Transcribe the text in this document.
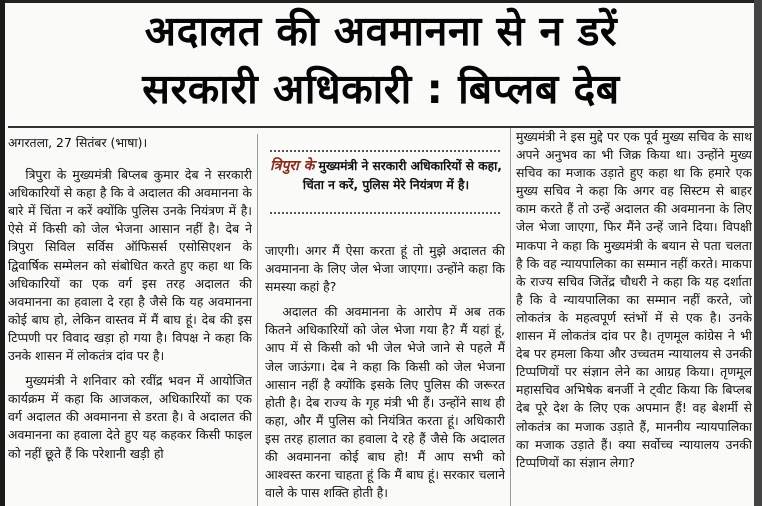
अदालत की अवमानना से न डरें
सरकारी अधिकारी : बिप्लब देब

अगरतला, 27 सितंबर (भाषा)।

त्रिपुरा के मुख्यमंत्री बिप्लब कुमार देब ने सरकारी अधिकारियों से कहा है कि वे अदालत की अवमानना के बारे में चिंता न करें क्योंकि पुलिस उनके नियंत्रण में है। ऐसे में किसी को जेल भेजना आसान नहीं है। देब ने त्रिपुरा सिविल सर्विस ऑफिसर्स एसोसिएशन के द्विवार्षिक सम्मेलन को संबोधित करते हुए कहा था कि अधिकारियों का एक वर्ग इस तरह अदालत की अवमानना का हवाला दे रहा है जैसे कि यह अवमानना कोई बाघ हो, लेकिन वास्तव में मैं बाघ हूं। देब की इस टिप्पणी पर विवाद खड़ा हो गया है। विपक्ष ने कहा कि उनके शासन में लोकतंत्र दांव पर है।

मुख्यमंत्री ने शनिवार को रवींद्र भवन में आयोजित कार्यक्रम में कहा कि आजकल, अधिकारियों का एक वर्ग अदालत की अवमानना से डरता है। वे अदालत की अवमानना का हवाला देते हुए यह कहकर किसी फाइल को नहीं छूते हैं कि परेशानी खड़ी हो

त्रिपुरा के मुख्यमंत्री ने सरकारी अधिकारियों से कहा, चिंता न करें, पुलिस मेरे नियंत्रण में है।

जाएगी। अगर मैं ऐसा करता हूं तो मुझे अदालत की अवमानना के लिए जेल भेजा जाएगा। उन्होंने कहा कि समस्या कहां है?

अदालत की अवमानना के आरोप में अब तक कितने अधिकारियों को जेल भेजा गया है? मैं यहां हूं, आप में से किसी को भी जेल भेजे जाने से पहले मैं जेल जाऊंगा। देब ने कहा कि किसी को जेल भेजना आसान नहीं है क्योंकि इसके लिए पुलिस की जरूरत होती है। देब राज्य के गृह मंत्री भी हैं। उन्होंने साथ ही कहा, और मैं पुलिस को नियंत्रित करता हूं। अधिकारी इस तरह हालात का हवाला दे रहे हैं जैसे कि अदालत की अवमानना कोई बाघ हो! मैं आप सभी को आश्वस्त करना चाहता हूं कि मैं बाघ हूं। सरकार चलाने वाले के पास शक्ति होती है।

मुख्यमंत्री ने इस मुद्दे पर एक पूर्व मुख्य सचिव के साथ अपने अनुभव का भी जिक्र किया था। उन्होंने मुख्य सचिव का मजाक उड़ाते हुए कहा था कि हमारे एक मुख्य सचिव ने कहा कि अगर वह सिस्टम से बाहर काम करते हैं तो उन्हें अदालत की अवमानना के लिए जेल भेजा जाएगा, फिर मैंने उन्हें जाने दिया। विपक्षी माकपा ने कहा कि मुख्यमंत्री के बयान से पता चलता है कि वह न्यायपालिका का सम्मान नहीं करते। माकपा के राज्य सचिव जितेंद्र चौधरी ने कहा कि यह दर्शाता है कि वे न्यायपालिका का सम्मान नहीं करते, जो लोकतंत्र के महत्वपूर्ण स्तंभों में से एक है। उनके शासन में लोकतंत्र दांव पर है। तृणमूल कांग्रेस ने भी देब पर हमला किया और उच्चतम न्यायालय से उनकी टिप्पणियों पर संज्ञान लेने का आग्रह किया। तृणमूल महासचिव अभिषेक बनर्जी ने ट्वीट किया कि बिप्लब देब पूरे देश के लिए एक अपमान हैं! वह बेशर्मी से लोकतंत्र का मजाक उड़ाते हैं, माननीय न्यायपालिका का मजाक उड़ाते हैं। क्या सर्वोच्च न्यायालय उनकी टिप्पणियों का संज्ञान लेगा?
